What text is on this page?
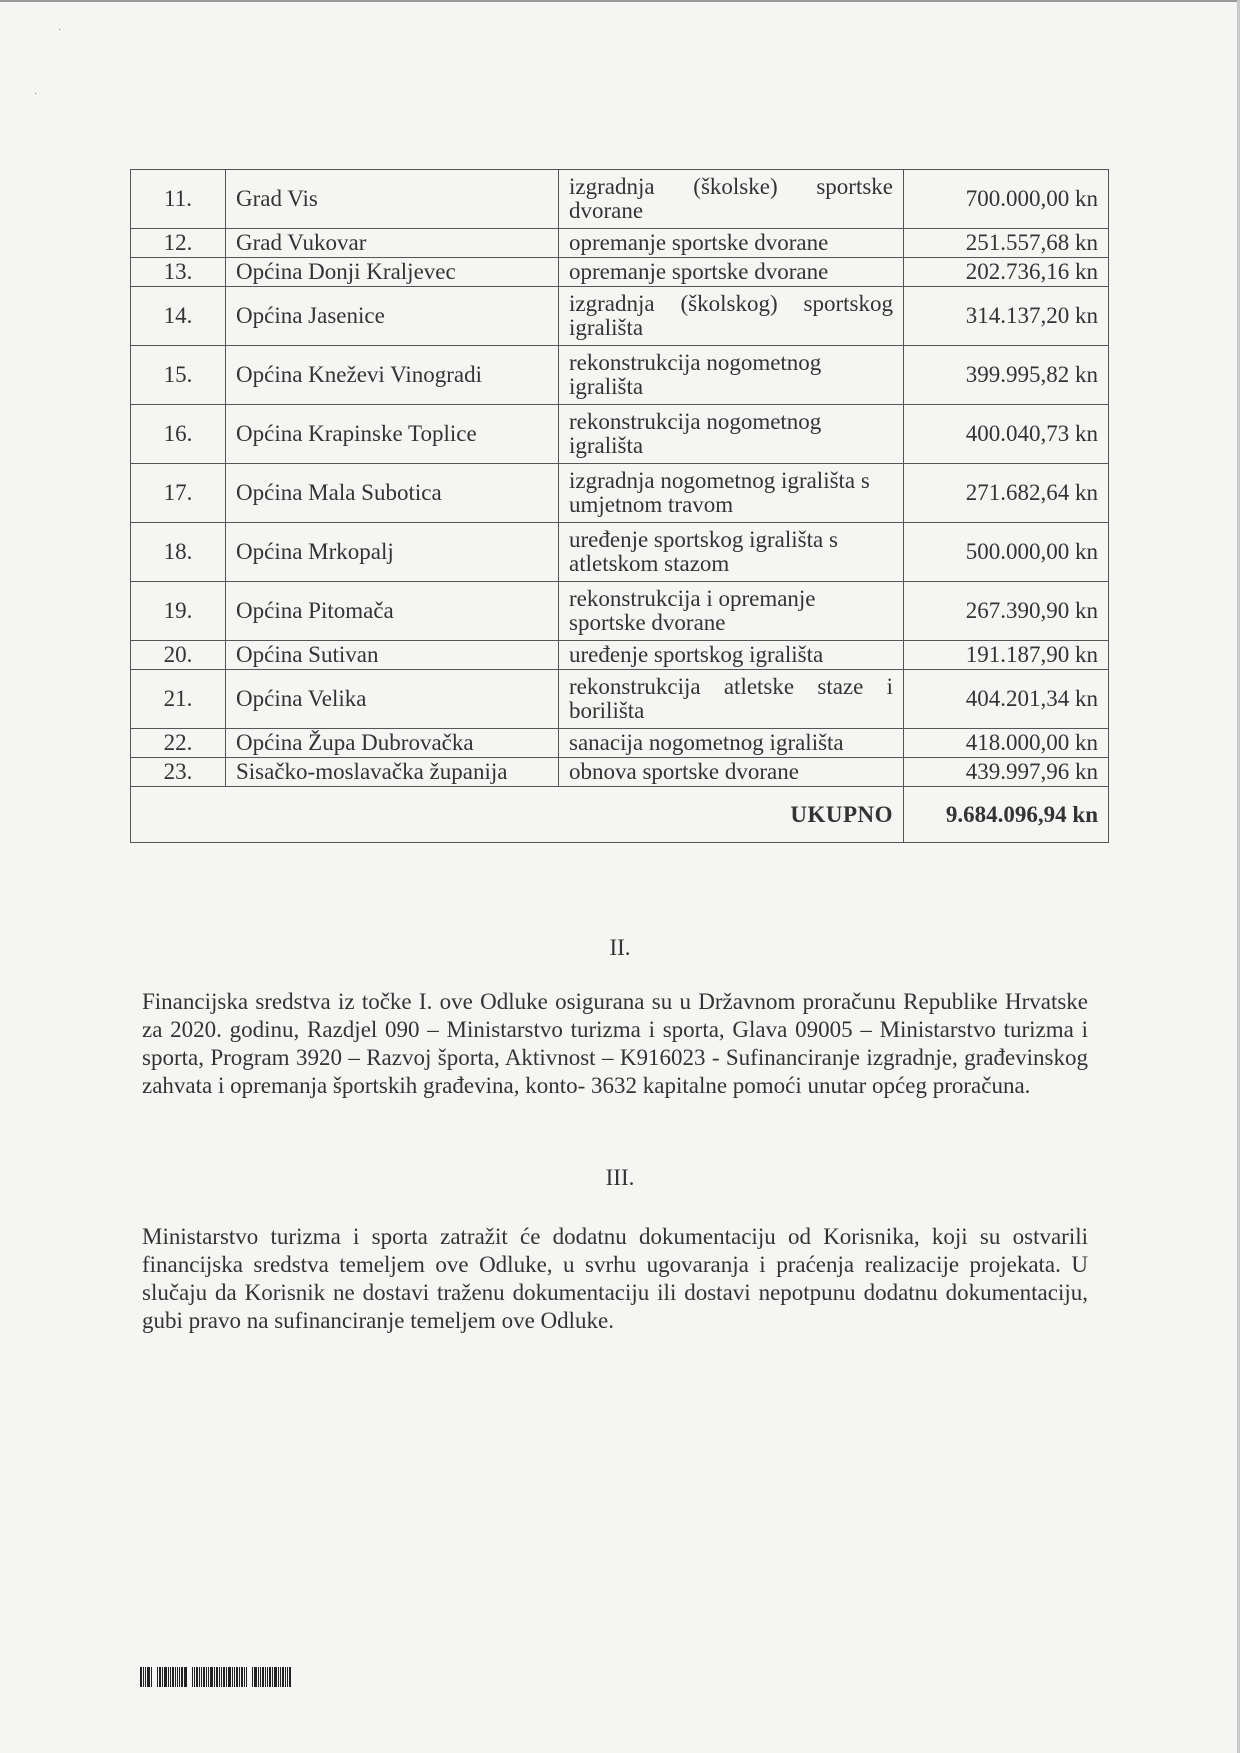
·
·
11.	Grad Vis	izgradnja (školske) sportske dvorane	700.000,00 kn
12.	Grad Vukovar	opremanje sportske dvorane	251.557,68 kn
13.	Općina Donji Kraljevec	opremanje sportske dvorane	202.736,16 kn
14.	Općina Jasenice	izgradnja (školskog) sportskog igrališta	314.137,20 kn
15.	Općina Kneževi Vinogradi	rekonstrukcija nogometnog igrališta	399.995,82 kn
16.	Općina Krapinske Toplice	rekonstrukcija nogometnog igrališta	400.040,73 kn
17.	Općina Mala Subotica	izgradnja nogometnog igrališta s umjetnom travom	271.682,64 kn
18.	Općina Mrkopalj	uređenje sportskog igrališta s atletskom stazom	500.000,00 kn
19.	Općina Pitomača	rekonstrukcija i opremanje sportske dvorane	267.390,90 kn
20.	Općina Sutivan	uređenje sportskog igrališta	191.187,90 kn
21.	Općina Velika	rekonstrukcija atletske staze i borilišta	404.201,34 kn
22.	Općina Župa Dubrovačka	sanacija nogometnog igrališta	418.000,00 kn
23.	Sisačko-moslavačka županija	obnova sportske dvorane	439.997,96 kn
UKUPNO			9.684.096,94 kn
II.
Financijska sredstva iz točke I. ove Odluke osigurana su u Državnom proračunu Republike Hrvatske za 2020. godinu, Razdjel 090 – Ministarstvo turizma i sporta, Glava 09005 – Ministarstvo turizma i sporta, Program 3920 – Razvoj športa, Aktivnost – K916023 - Sufinanciranje izgradnje, građevinskog zahvata i opremanja športskih građevina, konto- 3632 kapitalne pomoći unutar općeg proračuna.
III.
Ministarstvo turizma i sporta zatražit će dodatnu dokumentaciju od Korisnika, koji su ostvarili financijska sredstva temeljem ove Odluke, u svrhu ugovaranja i praćenja realizacije projekata. U slučaju da Korisnik ne dostavi traženu dokumentaciju ili dostavi nepotpunu dodatnu dokumentaciju, gubi pravo na sufinanciranje temeljem ove Odluke.
